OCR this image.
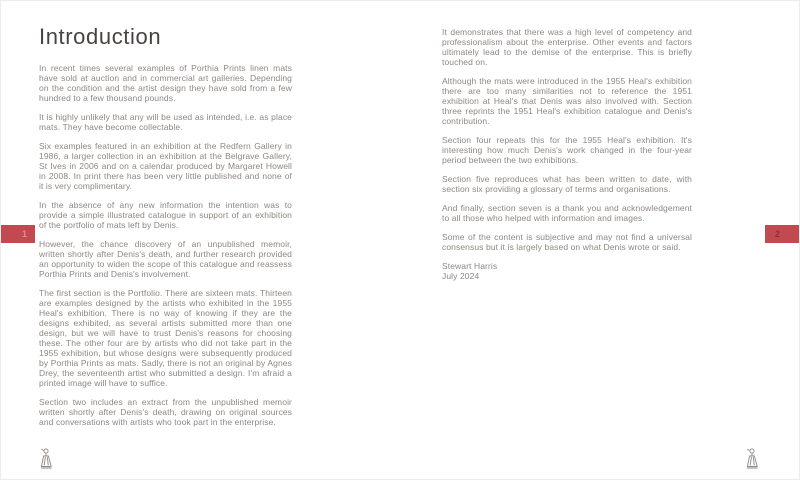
Introduction

In recent times several examples of Porthia Prints linen mats have sold at auction and in commercial art galleries. Depending on the condition and the artist design they have sold from a few hundred to a few thousand pounds.

It is highly unlikely that any will be used as intended, i.e. as place mats. They have become collectable.

Six examples featured in an exhibition at the Redfern Gallery in 1986, a larger collection in an exhibition at the Belgrave Gallery, St Ives in 2006 and on a calendar produced by Margaret Howell in 2008. In print there has been very little published and none of it is very complimentary.

In the absence of any new information the intention was to provide a simple illustrated catalogue in support of an exhibition of the portfolio of mats left by Denis.

However, the chance discovery of an unpublished memoir, written shortly after Denis's death, and further research provided an opportunity to widen the scope of this catalogue and reassess Porthia Prints and Denis's involvement.

The first section is the Portfolio. There are sixteen mats. Thirteen are examples designed by the artists who exhibited in the 1955 Heal's exhibition. There is no way of knowing if they are the designs exhibited, as several artists submitted more than one design, but we will have to trust Denis's reasons for choosing these. The other four are by artists who did not take part in the 1955 exhibition, but whose designs were subsequently produced by Porthia Prints as mats. Sadly, there is not an original by Agnes Drey, the seventeenth artist who submitted a design. I'm afraid a printed image will have to suffice.

Section two includes an extract from the unpublished memoir written shortly after Denis's death, drawing on original sources and conversations with artists who took part in the enterprise.

It demonstrates that there was a high level of competency and professionalism about the enterprise. Other events and factors ultimately lead to the demise of the enterprise. This is briefly touched on.

Although the mats were introduced in the 1955 Heal's exhibition there are too many similarities not to reference the 1951 exhibition at Heal's that Denis was also involved with. Section three reprints the 1951 Heal's exhibition catalogue and Denis's contribution.

Section four repeats this for the 1955 Heal's exhibition. It's interesting how much Denis's work changed in the four-year period between the two exhibitions.

Section five reproduces what has been written to date, with section six providing a glossary of terms and organisations.

And finally, section seven is a thank you and acknowledgement to all those who helped with information and images.

Some of the content is subjective and may not find a universal consensus but it is largely based on what Denis wrote or said.

Stewart Harris

July 2024

1	2
